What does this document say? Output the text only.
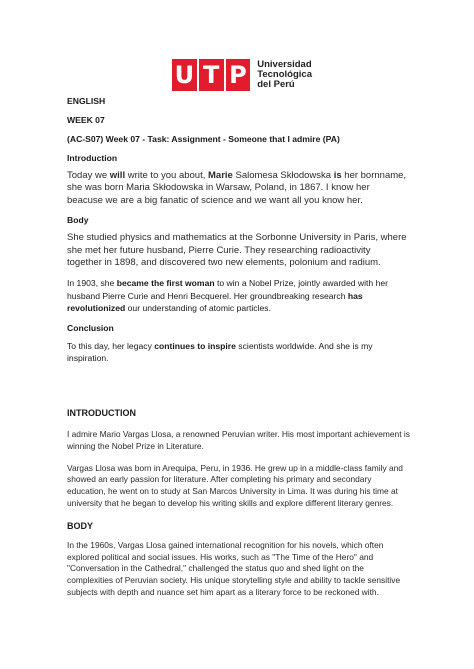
U T P	Universidad
Tecnológica
del Perú

ENGLISH

WEEK 07

(AC-S07) Week 07 - Task: Assignment - Someone that I admire (PA)

Introduction

Today we will write to you about, Marie Salomesa Skłodowska is her bornname, she was born Maria Skłodowska in Warsaw, Poland, in 1867. I know her beacuse we are a big fanatic of science and we want all you know her.

Body

She studied physics and mathematics at the Sorbonne University in Paris, where she met her future husband, Pierre Curie. They researching radioactivity together in 1898, and discovered two new elements, polonium and radium.

In 1903, she became the first woman to win a Nobel Prize, jointly awarded with her husband Pierre Curie and Henri Becquerel. Her groundbreaking research has revolutionized our understanding of atomic particles.

Conclusion

To this day, her legacy continues to inspire scientists worldwide. And she is my inspiration.

INTRODUCTION

I admire Mario Vargas Llosa, a renowned Peruvian writer. His most important achievement is winning the Nobel Prize in Literature.

Vargas Llosa was born in Arequipa, Peru, in 1936. He grew up in a middle-class family and showed an early passion for literature. After completing his primary and secondary education, he went on to study at San Marcos University in Lima. It was during his time at university that he began to develop his writing skills and explore different literary genres.

BODY

In the 1960s, Vargas Llosa gained international recognition for his novels, which often explored political and social issues. His works, such as "The Time of the Hero" and "Conversation in the Cathedral," challenged the status quo and shed light on the complexities of Peruvian society. His unique storytelling style and ability to tackle sensitive subjects with depth and nuance set him apart as a literary force to be reckoned with.
